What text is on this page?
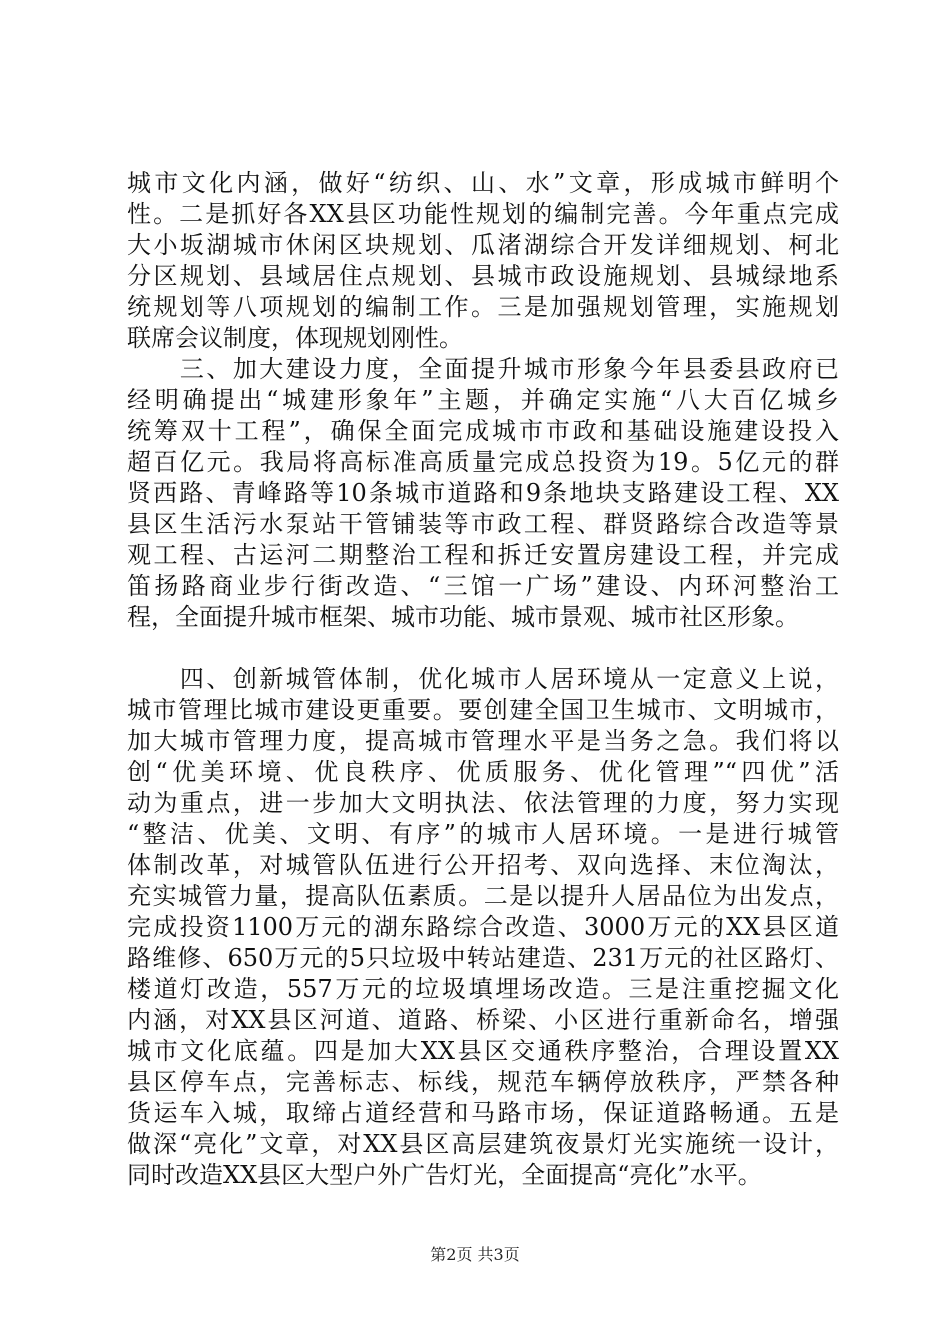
城市文化内涵，做好“纺织、山、水”文章，形成城市鲜明个
性。二是抓好各XX县区功能性规划的编制完善。今年重点完成
大小坂湖城市休闲区块规划、瓜渚湖综合开发详细规划、柯北
分区规划、县域居住点规划、县城市政设施规划、县城绿地系
统规划等八项规划的编制工作。三是加强规划管理，实施规划
联席会议制度，体现规划刚性。
　　三、加大建设力度，全面提升城市形象今年县委县政府已
经明确提出“城建形象年”主题，并确定实施“八大百亿城乡
统筹双十工程”，确保全面完成城市市政和基础设施建设投入
超百亿元。我局将高标准高质量完成总投资为19。5亿元的群
贤西路、青峰路等10条城市道路和9条地块支路建设工程、XX
县区生活污水泵站干管铺装等市政工程、群贤路综合改造等景
观工程、古运河二期整治工程和拆迁安置房建设工程，并完成
笛扬路商业步行街改造、“三馆一广场”建设、内环河整治工
程，全面提升城市框架、城市功能、城市景观、城市社区形象。
　　四、创新城管体制，优化城市人居环境从一定意义上说，
城市管理比城市建设更重要。要创建全国卫生城市、文明城市，
加大城市管理力度，提高城市管理水平是当务之急。我们将以
创“优美环境、优良秩序、优质服务、优化管理”“四优”活
动为重点，进一步加大文明执法、依法管理的力度，努力实现
“整洁、优美、文明、有序”的城市人居环境。一是进行城管
体制改革，对城管队伍进行公开招考、双向选择、末位淘汰，
充实城管力量，提高队伍素质。二是以提升人居品位为出发点，
完成投资1100万元的湖东路综合改造、3000万元的XX县区道
路维修、650万元的5只垃圾中转站建造、231万元的社区路灯、
楼道灯改造，557万元的垃圾填埋场改造。三是注重挖掘文化
内涵，对XX县区河道、道路、桥梁、小区进行重新命名，增强
城市文化底蕴。四是加大XX县区交通秩序整治，合理设置XX
县区停车点，完善标志、标线，规范车辆停放秩序，严禁各种
货运车入城，取缔占道经营和马路市场，保证道路畅通。五是
做深“亮化”文章，对XX县区高层建筑夜景灯光实施统一设计，
同时改造XX县区大型户外广告灯光，全面提高“亮化”水平。
第2页 共3页
